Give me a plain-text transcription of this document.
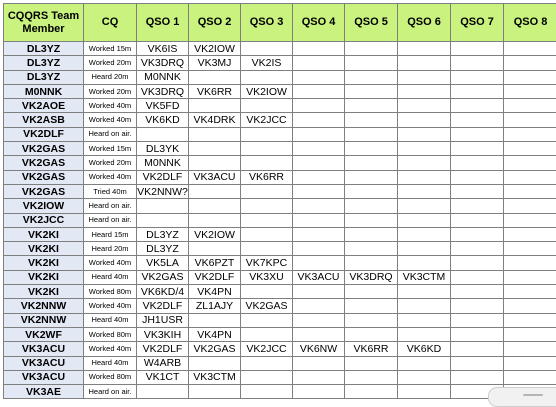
CQQRS Team Member	CQ	QSO 1	QSO 2	QSO 3	QSO 4	QSO 5	QSO 6	QSO 7	QSO 8
DL3YZ	Worked 15m	VK6IS	VK2IOW						
DL3YZ	Worked 20m	VK3DRQ	VK3MJ	VK2IS					
DL3YZ	Heard 20m	M0NNK							
M0NNK	Worked 20m	VK3DRQ	VK6RR	VK2IOW					
VK2AOE	Worked 40m	VK5FD							
VK2ASB	Worked 40m	VK6KD	VK4DRK	VK2JCC					
VK2DLF	Heard on air.								
VK2GAS	Worked 15m	DL3YK							
VK2GAS	Worked 20m	M0NNK							
VK2GAS	Worked 40m	VK2DLF	VK3ACU	VK6RR					
VK2GAS	Tried 40m	VK2NNW?							
VK2IOW	Heard on air.								
VK2JCC	Heard on air.								
VK2KI	Heard 15m	DL3YZ	VK2IOW						
VK2KI	Heard 20m	DL3YZ							
VK2KI	Worked 40m	VK5LA	VK6PZT	VK7KPC					
VK2KI	Heard 40m	VK2GAS	VK2DLF	VK3XU	VK3ACU	VK3DRQ	VK3CTM		
VK2KI	Worked 80m	VK6KD/4	VK4PN						
VK2NNW	Worked 40m	VK2DLF	ZL1AJY	VK2GAS					
VK2NNW	Heard 40m	JH1USR							
VK2WF	Worked 80m	VK3KIH	VK4PN						
VK3ACU	Worked 40m	VK2DLF	VK2GAS	VK2JCC	VK6NW	VK6RR	VK6KD		
VK3ACU	Heard 40m	W4ARB							
VK3ACU	Worked 80m	VK1CT	VK3CTM						
VK3AE	Heard on air.								
